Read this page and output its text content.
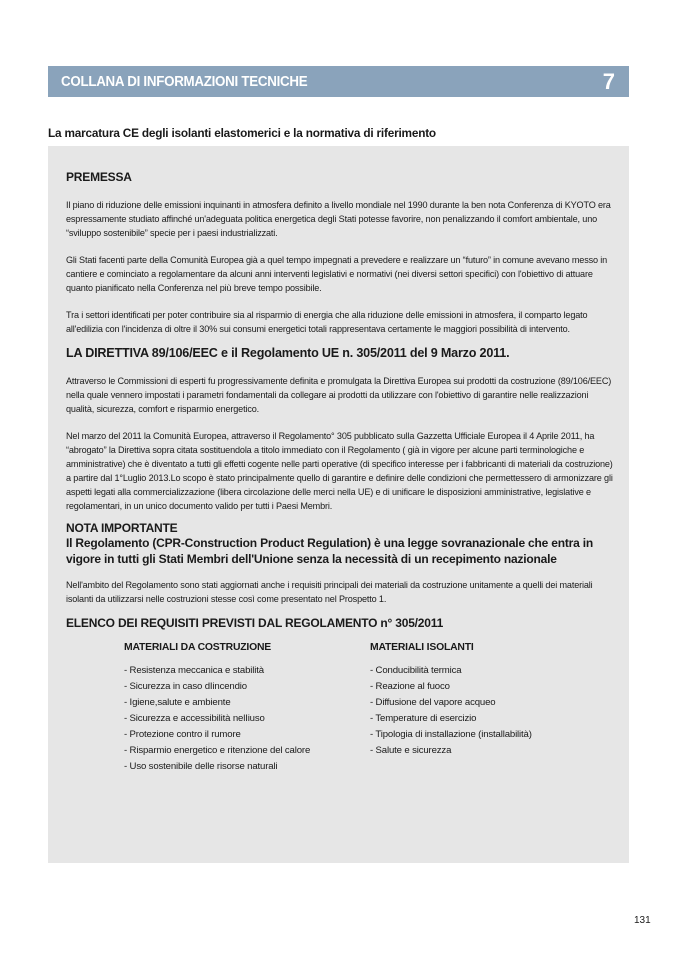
COLLANA DI INFORMAZIONI TECNICHE	7
La marcatura CE degli isolanti elastomerici e la normativa di riferimento
PREMESSA

Il piano di riduzione delle emissioni inquinanti in atmosfera definito a livello mondiale nel 1990 durante la ben nota Conferenza di KYOTO era espressamente studiato affinché un'adeguata politica energetica degli Stati potesse favorire, non penalizzando il comfort ambientale, uno “sviluppo sostenibile” specie per i paesi industrializzati.

Gli Stati facenti parte della Comunità Europea già a quel tempo impegnati a prevedere e realizzare un “futuro” in comune avevano messo in cantiere e cominciato a regolamentare da alcuni anni interventi legislativi e normativi (nei diversi settori specifici) con l'obiettivo di attuare quanto pianificato nella Conferenza nel più breve tempo possibile.

Tra i settori identificati per poter contribuire sia al risparmio di energia che alla riduzione delle emissioni in atmosfera, il comparto legato all'edilizia con l'incidenza di oltre il 30% sui consumi energetici totali rappresentava certamente le maggiori possibilità di intervento.

LA DIRETTIVA 89/106/EEC e il Regolamento UE n. 305/2011 del 9 Marzo 2011.

Attraverso le Commissioni di esperti fu progressivamente definita e promulgata la Direttiva Europea sui prodotti da costruzione (89/106/EEC) nella quale vennero impostati i parametri fondamentali da collegare ai prodotti da utilizzare con l'obiettivo di garantire nelle realizzazioni qualità, sicurezza, comfort e risparmio energetico.

Nel marzo del 2011 la Comunità Europea, attraverso il Regolamento° 305 pubblicato sulla Gazzetta Ufficiale Europea il 4 Aprile 2011, ha “abrogato” la Direttiva sopra citata sostituendola a titolo immediato con il Regolamento ( già in vigore per alcune parti terminologiche e amministrative) che è diventato a tutti gli effetti cogente nelle parti operative (di specifico interesse per i fabbricanti di materiali da costruzione) a partire dal 1°Luglio 2013.Lo scopo è stato principalmente quello di garantire e definire delle condizioni che permettessero di armonizzare gli aspetti legati alla commercializzazione (libera circolazione delle merci nella UE) e di unificare le disposizioni amministrative, legislative e regolamentari, in un unico documento valido per tutti i Paesi Membri.

NOTA IMPORTANTE
Il Regolamento (CPR-Construction Product Regulation) è una legge sovranazionale che entra in vigore in tutti gli Stati Membri dell'Unione senza la necessità di un recepimento nazionale

Nell'ambito del Regolamento sono stati aggiornati anche i requisiti principali dei materiali da costruzione unitamente a quelli dei materiali isolanti da utilizzarsi nelle costruzioni stesse così come presentato nel Prospetto 1.

ELENCO DEI REQUISITI PREVISTI DAL REGOLAMENTO n° 305/2011
MATERIALI DA COSTRUZIONE
- Resistenza meccanica e stabilità
- Sicurezza in caso dIincendio
- Igiene,salute e ambiente
- Sicurezza e accessibilità nelIiuso
- Protezione contro il rumore
- Risparmio energetico e ritenzione del calore
- Uso sostenibile delle risorse naturali
MATERIALI ISOLANTI
- Conducibilità termica
- Reazione al fuoco
- Diffusione del vapore acqueo
- Temperature di esercizio
- Tipologia di installazione (installabilità)
- Salute e sicurezza
131
